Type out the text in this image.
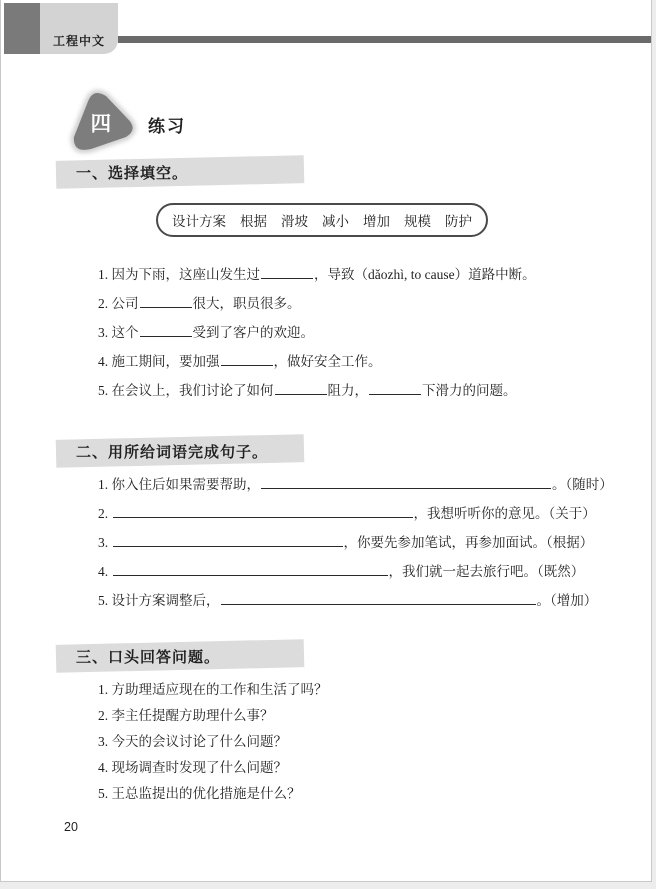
工程中文
四 练习
一、选择填空。
设计方案 根据 滑坡 减小 增加 规模 防护
1. 因为下雨，这座山发生过	，导致（dǎozhì, to cause）道路中断。
2. 公司	很大，职员很多。
3. 这个	受到了客户的欢迎。
4. 施工期间，要加强	，做好安全工作。
5. 在会议上，我们讨论了如何	阻力，	下滑力的问题。
二、用所给词语完成句子。
1. 你入住后如果需要帮助，	。（随时）
2.	，我想听听你的意见。（关于）
3.	，你要先参加笔试，再参加面试。（根据）
4.	，我们就一起去旅行吧。（既然）
5. 设计方案调整后，	。（增加）
三、口头回答问题。
1. 方助理适应现在的工作和生活了吗？
2. 李主任提醒方助理什么事？
3. 今天的会议讨论了什么问题？
4. 现场调查时发现了什么问题？
5. 王总监提出的优化措施是什么？
20
